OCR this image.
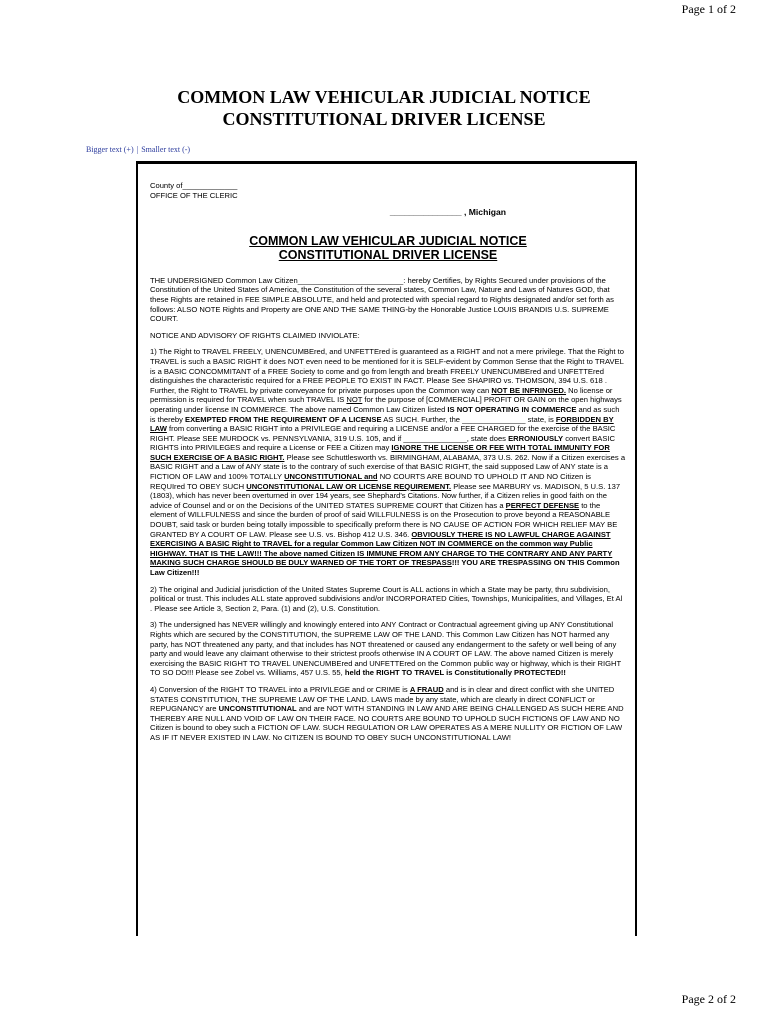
Page 1 of 2
COMMON LAW VEHICULAR JUDICIAL NOTICE
CONSTITUTIONAL DRIVER LICENSE
Bigger text (+) | Smaller text (-)
County of_____________
OFFICE OF THE CLERIC
_______________ , Michigan
COMMON LAW VEHICULAR JUDICIAL NOTICE
CONSTITUTIONAL DRIVER LICENSE

THE UNDERSIGNED Common Law Citizen_________________________: hereby Certifies, by Rights Secured under provisions of the Constitution of the United States of America, the Constitution of the several states, Common Law, Nature and Laws of Natures GOD, that these Rights are retained in FEE SIMPLE ABSOLUTE, and held and protected with special regard to Rights designated and/or set forth as follows: ALSO NOTE Rights and Property are ONE AND THE SAME THING-by the Honorable Justice LOUIS BRANDIS U.S. SUPREME COURT.

NOTICE AND ADVISORY OF RIGHTS CLAIMED INVIOLATE:

1) The Right to TRAVEL FREELY, UNENCUMBEred, and UNFETTEred is guaranteed as a RIGHT and not a mere privilege. That the Right to TRAVEL is such a BASIC RIGHT it does NOT even need to be mentioned for it is SELF-evident by Common Sense that the Right to TRAVEL is a BASIC CONCOMMITANT of a FREE Society to come and go from length and breath FREELY UNENCUMBEred and UNFETTEred distinguishes the characteristic required for a FREE PEOPLE TO EXIST IN FACT. Please See SHAPIRO vs. THOMSON, 394 U.S. 618 . Further, the Right to TRAVEL by private conveyance for private purposes upon the Common way can NOT BE INFRINGED. No license or permission is required for TRAVEL when such TRAVEL IS NOT for the purpose of [COMMERCIAL] PROFIT OR GAIN on the open highways operating under license IN COMMERCE. The above named Common Law Citizen listed IS NOT OPERATING IN COMMERCE and as such is thereby EXEMPTED FROM THE REQUIREMENT OF A LICENSE AS SUCH. Further, the _______________ state, is FORBIDDEN BY LAW from converting a BASIC RIGHT into a PRIVILEGE and requiring a LICENSE and/or a FEE CHARGED for the exercise of the BASIC RIGHT. Please SEE MURDOCK vs. PENNSYLVANIA, 319 U.S. 105, and if _______________, state does ERRONIOUSLY convert BASIC RIGHTS into PRIVILEGES and require a License or FEE a Citizen may IGNORE THE LICENSE OR FEE WITH TOTAL IMMUNITY FOR SUCH EXERCISE OF A BASIC RIGHT. Please see Schuttlesworth vs. BIRMINGHAM, ALABAMA, 373 U.S. 262. Now if a Citizen exercises a BASIC RIGHT and a Law of ANY state is to the contrary of such exercise of that BASIC RIGHT, the said supposed Law of ANY state is a FICTION OF LAW and 100% TOTALLY UNCONSTITUTIONAL and NO COURTS ARE BOUND TO UPHOLD IT AND NO Citizen is REQUIred TO OBEY SUCH UNCONSTITUTIONAL LAW OR LICENSE REQUIREMENT. Please see MARBURY vs. MADISON, 5 U.S. 137 (1803), which has never been overturned in over 194 years, see Shephard's Citations. Now further, if a Citizen relies in good faith on the advice of Counsel and or on the Decisions of the UNITED STATES SUPREME COURT that Citizen has a PERFECT DEFENSE to the element of WILLFULNESS and since the burden of proof of said WILLFULNESS is on the Prosecution to prove beyond a REASONABLE DOUBT, said task or burden being totally impossible to specifically preform there is NO CAUSE OF ACTION FOR WHICH RELIEF MAY BE GRANTED BY A COURT OF LAW. Please see U.S. vs. Bishop 412 U.S. 346. OBVIOUSLY THERE IS NO LAWFUL CHARGE AGAINST EXERCISING A BASIC Right to TRAVEL for a regular Common Law Citizen NOT IN COMMERCE on the common way Public HIGHWAY. THAT IS THE LAW!!! The above named Citizen IS IMMUNE FROM ANY CHARGE TO THE CONTRARY AND ANY PARTY MAKING SUCH CHARGE SHOULD BE DULY WARNED OF THE TORT OF TRESPASS!!! YOU ARE TRESPASSING ON THIS Common Law Citizen!!!

2) The original and Judicial jurisdiction of the United States Supreme Court is ALL actions in which a State may be party, thru subdivision, political or trust. This includes ALL state approved subdivisions and/or INCORPORATED Cities, Townships, Municipalities, and Villages, Et Al . Please see Article 3, Section 2, Para. (1) and (2), U.S. Constitution.

3) The undersigned has NEVER willingly and knowingly entered into ANY Contract or Contractual agreement giving up ANY Constitutional Rights which are secured by the CONSTITUTION, the SUPREME LAW OF THE LAND. This Common Law Citizen has NOT harmed any party, has NOT threatened any party, and that includes has NOT threatened or caused any endangerment to the safety or well being of any party and would leave any claimant otherwise to their strictest proofs otherwise IN A COURT OF LAW. The above named Citizen is merely exercising the BASIC RIGHT TO TRAVEL UNENCUMBEred and UNFETTEred on the Common public way or highway, which is their RIGHT TO SO DO!!! Please see Zobel vs. Williams, 457 U.S. 55, held the RIGHT TO TRAVEL is Constitutionally PROTECTED!!

4) Conversion of the RIGHT TO TRAVEL into a PRIVILEGE and or CRIME is A FRAUD and is in clear and direct conflict with she UNITED STATES CONSTITUTION, THE SUPREME LAW OF THE LAND. LAWS made by any state, which are clearly in direct CONFLICT or REPUGNANCY are UNCONSTITUTIONAL and are NOT WITH STANDING IN LAW AND ARE BEING CHALLENGED AS SUCH HERE AND THEREBY ARE NULL AND VOID OF LAW ON THEIR FACE. NO COURTS ARE BOUND TO UPHOLD SUCH FICTIONS OF LAW AND NO Citizen is bound to obey such a FICTION OF LAW. SUCH REGULATION OR LAW OPERATES AS A MERE NULLITY OR FICTION OF LAW AS IF IT NEVER EXISTED IN LAW. No CITIZEN IS BOUND TO OBEY SUCH UNCONSTITUTIONAL LAW!

Page 2 of 2
